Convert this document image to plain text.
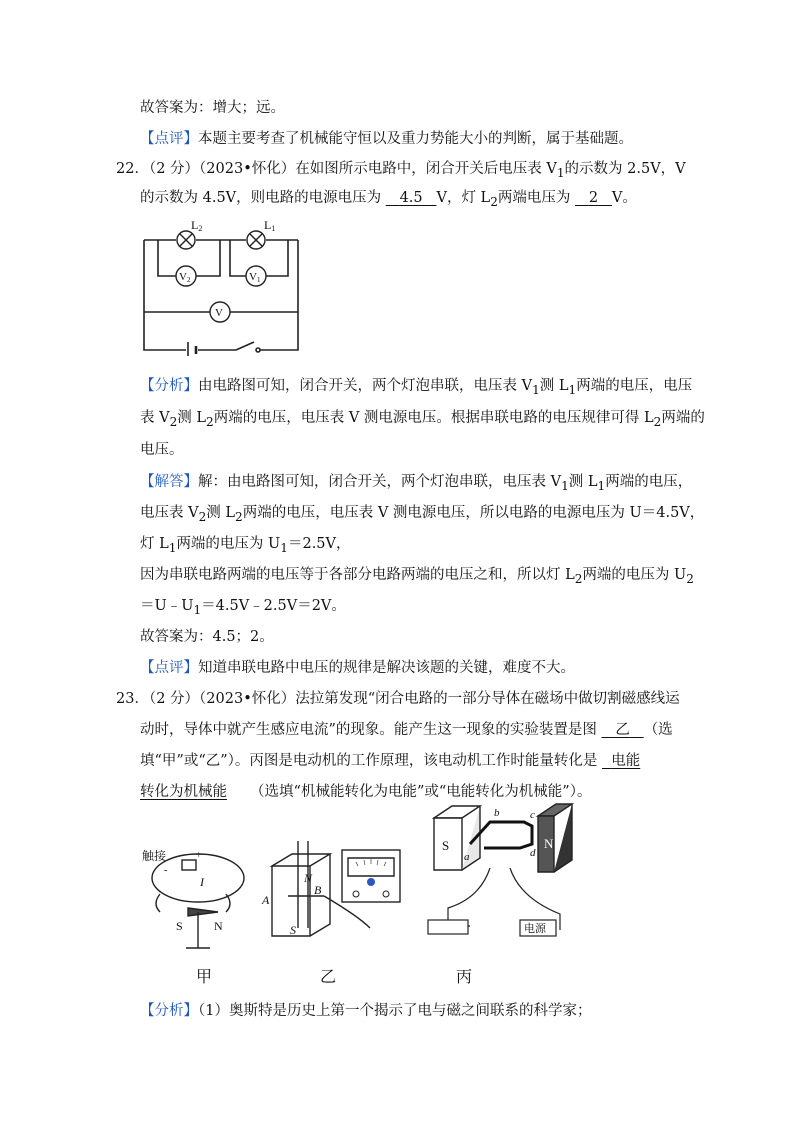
故答案为：增大；远。
【点评】本题主要考查了机械能守恒以及重力势能大小的判断，属于基础题。
22．（2 分）（2023•怀化）在如图所示电路中，闭合开关后电压表 $V_1$的示数为 2.5V，V
的示数为 4.5V，则电路的电源电压为 4.5 V，灯 $L_2$两端电压为 2 V。
L2	L1
V2	V1
V
【分析】由电路图可知，闭合开关，两个灯泡串联，电压表 $V_1$测 $L_1$两端的电压，电压
表 $V_2$测 $L_2$两端的电压，电压表 V 测电源电压。根据串联电路的电压规律可得 $L_2$两端的
电压。
【解答】解：由电路图可知，闭合开关，两个灯泡串联，电压表 $V_1$测 $L_1$两端的电压，
电压表 $V_2$测 $L_2$两端的电压，电压表 V 测电源电压，所以电路的电源电压为 U＝4.5V，
灯 $L_1$两端的电压为 $U_1=2.5V$，
因为串联电路两端的电压等于各部分电路两端的电压之和，所以灯 $L_2$两端的电压为 $U_2$
$=U﹣U_1=4.5V﹣2.5V=2V$。
故答案为：4.5；2。
【点评】知道串联电路中电压的规律是解决该题的关键，难度不大。
23．（2 分）（2023•怀化）法拉第发现“闭合电路的一部分导体在磁场中做切割磁感线运
动时，导体中就产生感应电流”的现象。能产生这一现象的实验装置是图 乙 （选
填“甲”或“乙”）。丙图是电动机的工作原理，该电动机工作时能量转化是 电能
转化为机械能 （选填“机械能转化为电能”或“电能转化为机械能”）。
触接	+
-
I
S	N
N
S
A
B
S	N
a
b	c
d
电源
甲	乙	丙
【分析】（1）奥斯特是历史上第一个揭示了电与磁之间联系的科学家；
